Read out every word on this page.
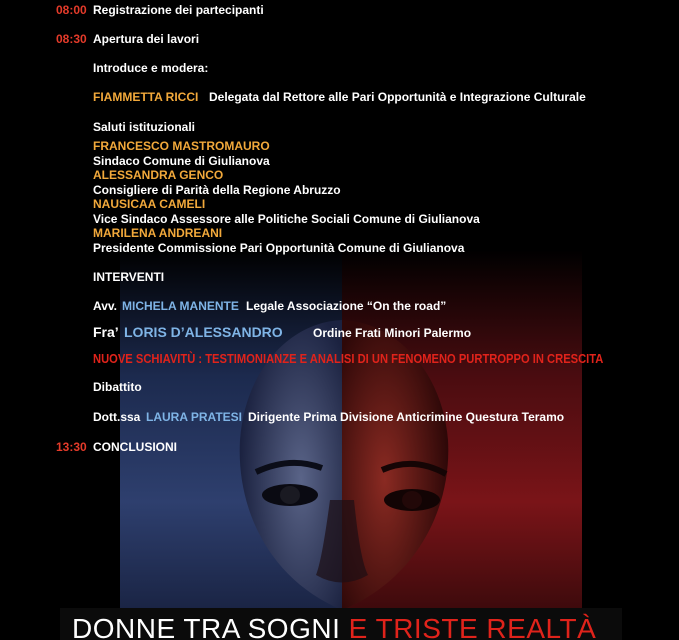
08:00 Registrazione dei partecipanti
08:30 Apertura dei lavori
Introduce e modera:
FIAMMETTA RICCI Delegata dal Rettore alle Pari Opportunità e Integrazione Culturale
Saluti istituzionali
FRANCESCO MASTROMAURO
Sindaco Comune di Giulianova
ALESSANDRA GENCO
Consigliere di Parità della Regione Abruzzo
NAUSICAA CAMELI
Vice Sindaco Assessore alle Politiche Sociali Comune di Giulianova
MARILENA ANDREANI
Presidente Commissione Pari Opportunità Comune di Giulianova
INTERVENTI
Avv. MICHELA MANENTE Legale Associazione “On the road”
Fra’ LORIS D’ALESSANDRO	Ordine Frati Minori Palermo
NUOVE SCHIAVITÙ : TESTIMONIANZE E ANALISI DI UN FENOMENO PURTROPPO IN CRESCITA
Dibattito
Dott.ssa LAURA PRATESI Dirigente Prima Divisione Anticrimine Questura Teramo
13:30 CONCLUSIONI
DONNE TRA SOGNI E TRISTE REALTÀ
